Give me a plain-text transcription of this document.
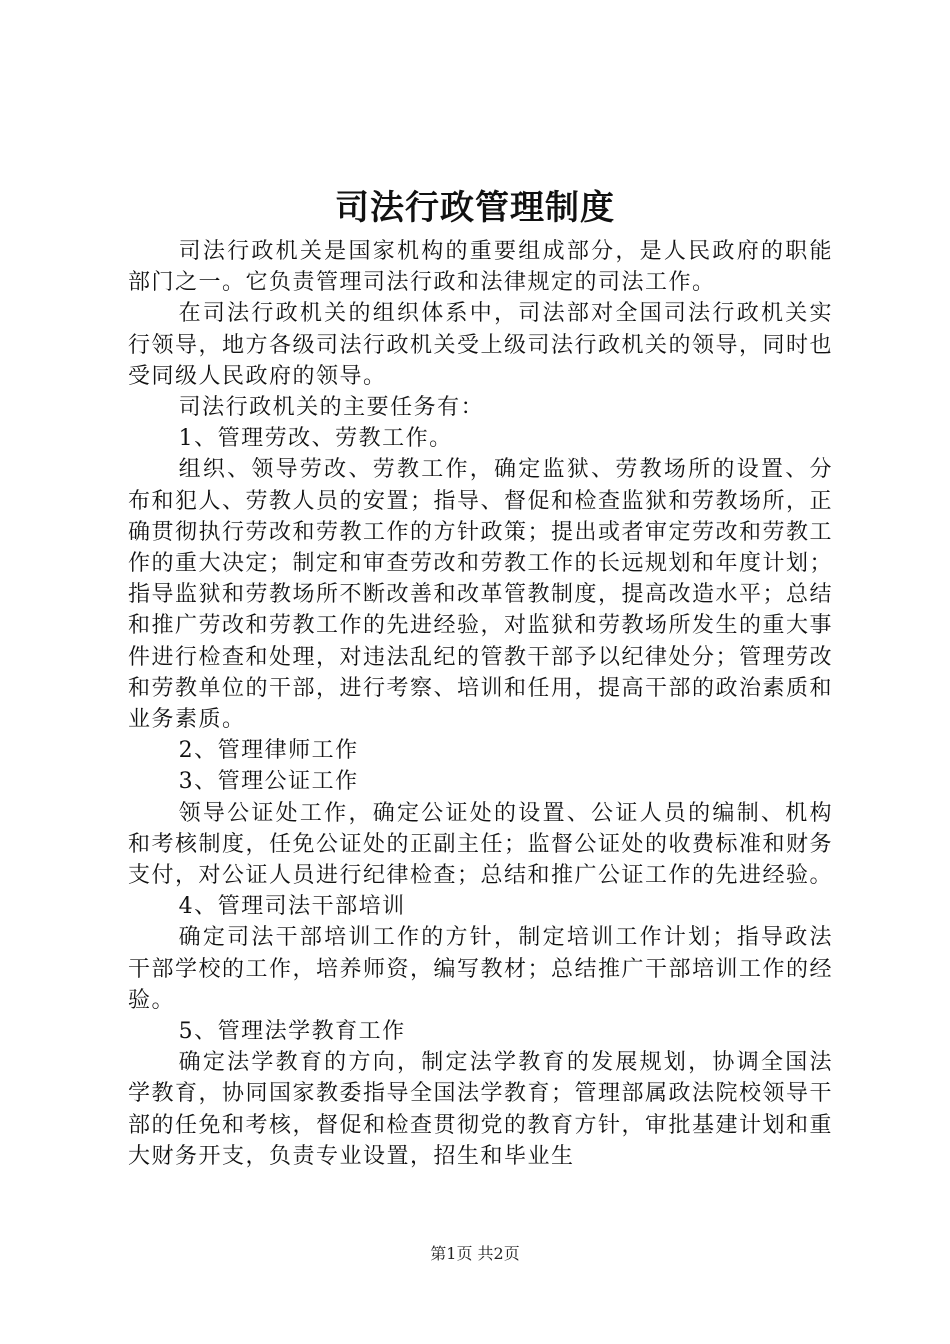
司法行政管理制度

司法行政机关是国家机构的重要组成部分，是人民政府的职能部门之一。它负责管理司法行政和法律规定的司法工作。

在司法行政机关的组织体系中，司法部对全国司法行政机关实行领导，地方各级司法行政机关受上级司法行政机关的领导，同时也受同级人民政府的领导。

司法行政机关的主要任务有：

1、管理劳改、劳教工作。

组织、领导劳改、劳教工作，确定监狱、劳教场所的设置、分布和犯人、劳教人员的安置；指导、督促和检查监狱和劳教场所，正确贯彻执行劳改和劳教工作的方针政策；提出或者审定劳改和劳教工作的重大决定；制定和审查劳改和劳教工作的长远规划和年度计划；指导监狱和劳教场所不断改善和改革管教制度，提高改造水平；总结和推广劳改和劳教工作的先进经验，对监狱和劳教场所发生的重大事件进行检查和处理，对违法乱纪的管教干部予以纪律处分；管理劳改和劳教单位的干部，进行考察、培训和任用，提高干部的政治素质和业务素质。

2、管理律师工作

3、管理公证工作

领导公证处工作，确定公证处的设置、公证人员的编制、机构和考核制度，任免公证处的正副主任；监督公证处的收费标准和财务支付，对公证人员进行纪律检查；总结和推广公证工作的先进经验。

4、管理司法干部培训

确定司法干部培训工作的方针，制定培训工作计划；指导政法干部学校的工作，培养师资，编写教材；总结推广干部培训工作的经验。

5、管理法学教育工作

确定法学教育的方向，制定法学教育的发展规划，协调全国法学教育，协同国家教委指导全国法学教育；管理部属政法院校领导干部的任免和考核，督促和检查贯彻党的教育方针，审批基建计划和重大财务开支，负责专业设置，招生和毕业生

第1页 共2页
